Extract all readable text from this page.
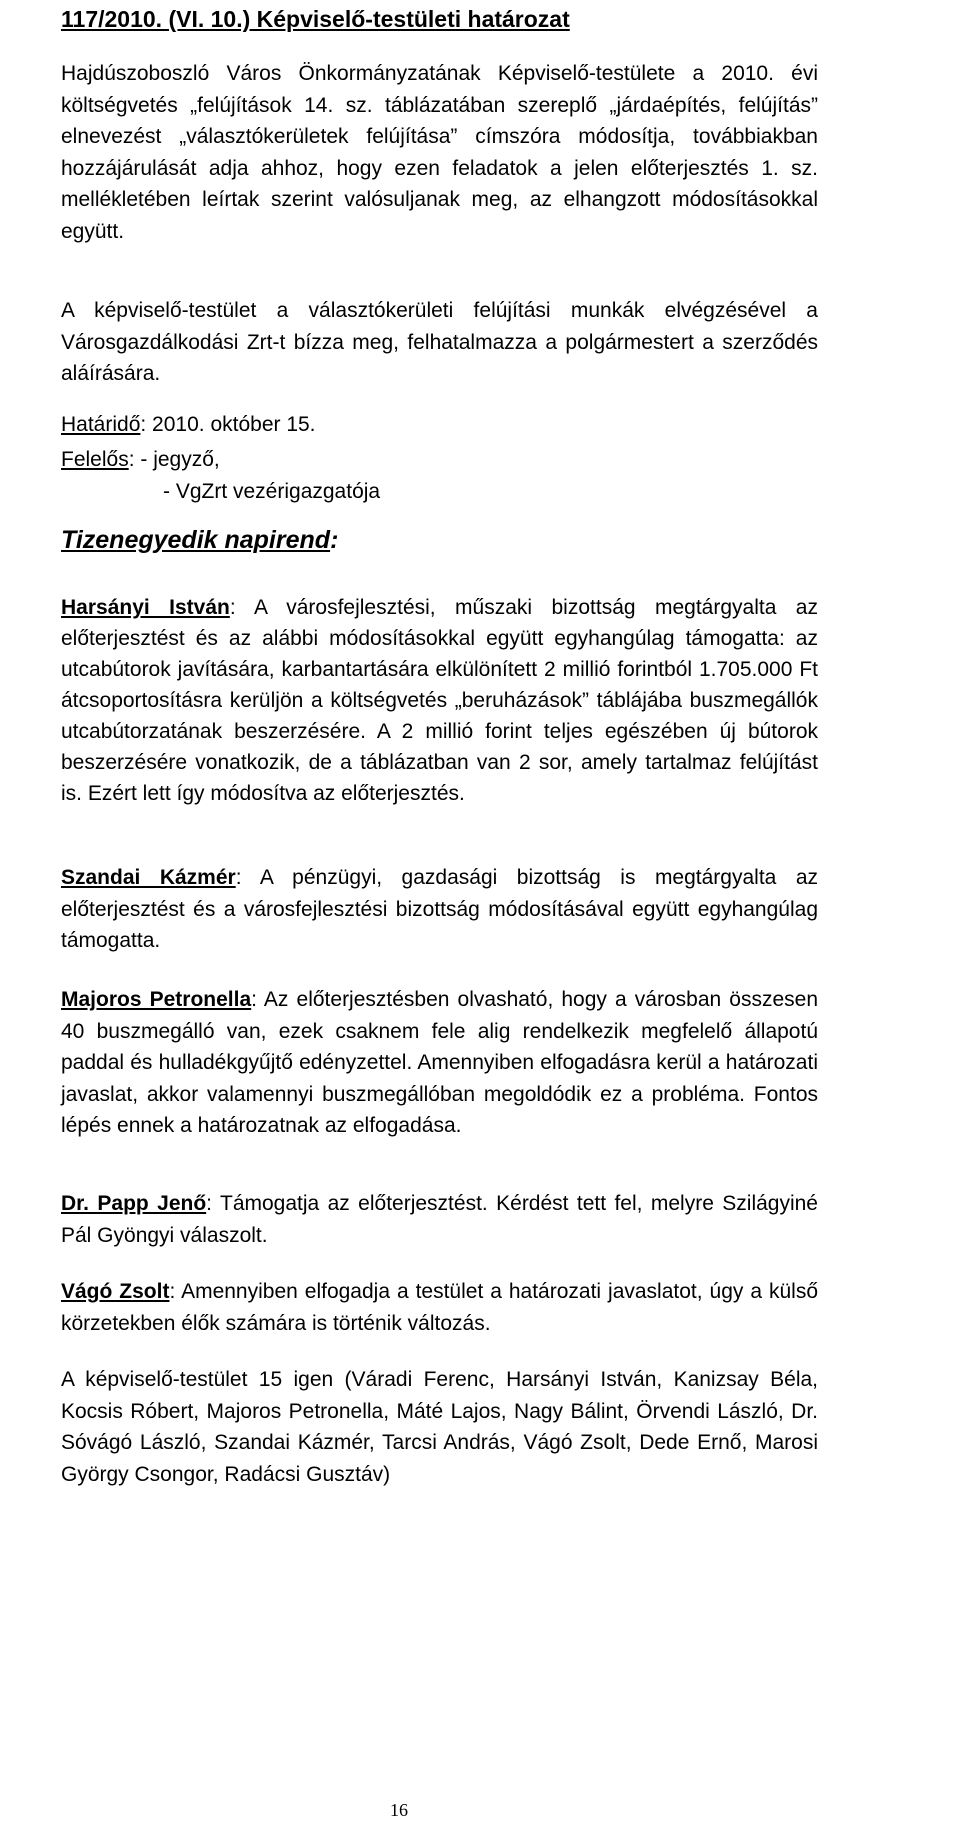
117/2010. (VI. 10.) Képviselő-testületi határozat
Hajdúszoboszló Város Önkormányzatának Képviselő-testülete a 2010. évi költségvetés „felújítások 14. sz. táblázatában szereplő „járdaépítés, felújítás” elnevezést „választókerületek felújítása” címszóra módosítja, továbbiakban hozzájárulását adja ahhoz, hogy ezen feladatok a jelen előterjesztés 1. sz. mellékletében leírtak szerint valósuljanak meg, az elhangzott módosításokkal együtt.
A képviselő-testület a választókerületi felújítási munkák elvégzésével a Városgazdálkodási Zrt-t bízza meg, felhatalmazza a polgármestert a szerződés aláírására.
Határidő: 2010. október 15.
Felelős: - jegyző,
- VgZrt vezérigazgatója
Tizenegyedik napirend:
Harsányi István: A városfejlesztési, műszaki bizottság megtárgyalta az előterjesztést és az alábbi módosításokkal együtt egyhangúlag támogatta: az utcabútorok javítására, karbantartására elkülönített 2 millió forintból 1.705.000 Ft átcsoportosításra kerüljön a költségvetés „beruházások” táblájába buszmegállók utcabútorzatának beszerzésére. A 2 millió forint teljes egészében új bútorok beszerzésére vonatkozik, de a táblázatban van 2 sor, amely tartalmaz felújítást is. Ezért lett így módosítva az előterjesztés.
Szandai Kázmér: A pénzügyi, gazdasági bizottság is megtárgyalta az előterjesztést és a városfejlesztési bizottság módosításával együtt egyhangúlag támogatta.
Majoros Petronella: Az előterjesztésben olvasható, hogy a városban összesen 40 buszmegálló van, ezek csaknem fele alig rendelkezik megfelelő állapotú paddal és hulladékgyűjtő edényzettel. Amennyiben elfogadásra kerül a határozati javaslat, akkor valamennyi buszmegállóban megoldódik ez a probléma. Fontos lépés ennek a határozatnak az elfogadása.
Dr. Papp Jenő: Támogatja az előterjesztést. Kérdést tett fel, melyre Szilágyiné Pál Gyöngyi válaszolt.
Vágó Zsolt: Amennyiben elfogadja a testület a határozati javaslatot, úgy a külső körzetekben élők számára is történik változás.
A képviselő-testület 15 igen (Váradi Ferenc, Harsányi István, Kanizsay Béla, Kocsis Róbert, Majoros Petronella, Máté Lajos, Nagy Bálint, Örvendi László, Dr. Sóvágó László, Szandai Kázmér, Tarcsi András, Vágó Zsolt, Dede Ernő, Marosi György Csongor, Radácsi Gusztáv)
16
